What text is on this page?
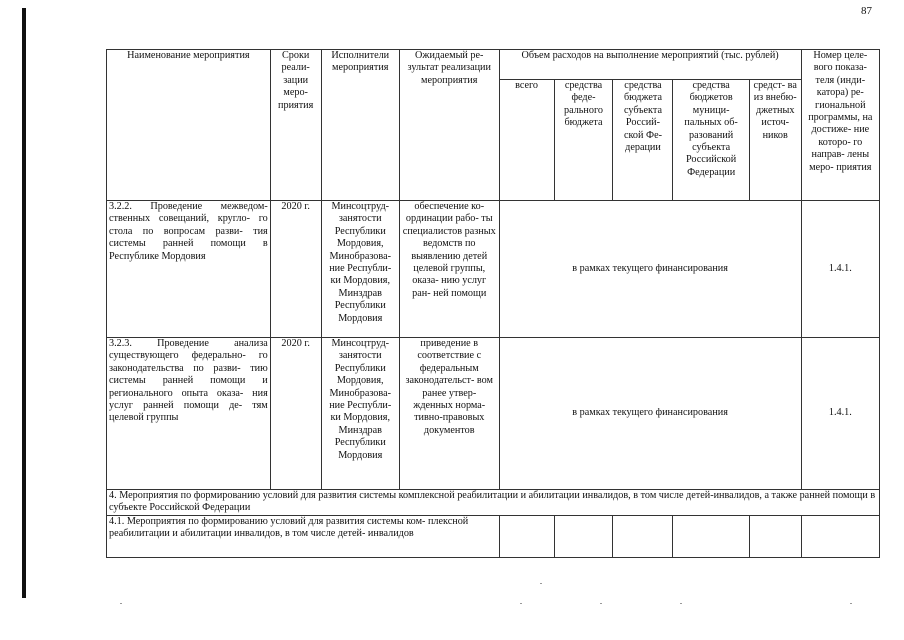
87
Наименование мероприятия	Сроки реали- зации меро- приятия	Исполнители мероприятия	Ожидаемый ре- зультат реализации мероприятия	Объем расходов на выполнение мероприятий (тыс. рублей)					Номер целе- вого показа- теля (инди- катора) ре- гиональной программы, на достиже- ние которо- го направ- лены меро- приятия
				всего	средства феде- рального бюджета	средства бюджета субъекта Россий- ской Фе- дерации	средства бюджетов муници- пальных об- разований субъекта Российской Федерации	средст- ва из внебю- джетных источ- ников	
3.2.2. Проведение межведом- ственных совещаний, кругло- го стола по вопросам разви- тия системы ранней помощи в Республике Мордовия	2020 г.	Минсоцтруд- занятости Республики Мордовия, Минобразова- ние Республи- ки Мордовия, Минздрав Республики Мордовия	обеспечение ко- ординации рабо- ты специалистов разных ведомств по выявлению детей целевой группы, оказа- нию услуг ран- ней помощи	в рамках текущего финансирования					1.4.1.
3.2.3. Проведение анализа существующего федерально- го законодательства по разви- тию системы ранней помощи и регионального опыта оказа- ния услуг ранней помощи де- тям целевой группы	2020 г.	Минсоцтруд- занятости Республики Мордовия, Минобразова- ние Республи- ки Мордовия, Минздрав Республики Мордовия	приведение в соответствие с федеральным законодательст- вом ранее утвер- жденных норма- тивно-правовых документов	в рамках текущего финансирования					1.4.1.
4. Мероприятия по формированию условий для развития системы комплексной реабилитации и абилитации инвалидов, в том числе детей-инвалидов, а также ранней помощи в субъекте Российской Федерации									
4.1. Мероприятия по формированию условий для развития системы ком- плексной реабилитации и абилитации инвалидов, в том числе детей- инвалидов									
